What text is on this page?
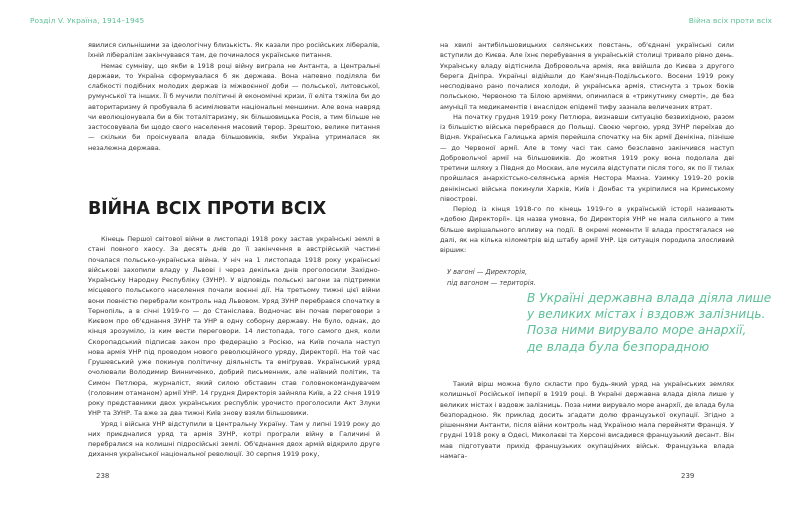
Розділ V. Україна, 1914–1945

явилися сильнішими за ідеологічну близькість. Як казали про російських лібералів, їхній лібералізм закінчувався там, де починалося українське питання.

Немає сумніву, що якби в 1918 році війну виграла не Антанта, а Центральні держави, то Україна сформувалася б як держава. Вона напевно поділяла би слабкості подібних молодих держав із міжвоєнної доби — польської, литовської, румунської та інших. Її б мучили політичні й економічні кризи, її еліта тяжіла би до авторитаризму й пробувала б асимілювати національні меншини. Але вона навряд чи еволюціонувала би в бік тоталітаризму, як більшовицька Росія, а тим більше не застосовувала би щодо свого населення масовий терор. Зрештою, велике питання — скільки би проіснувала влада більшовиків, якби Україна утрималася як незалежна держава.

ВІЙНА ВСІХ ПРОТИ ВСІХ

Кінець Першої світової війни в листопаді 1918 року застав українські землі в стані повного хаосу. За десять днів до її закінчення в австрійській частині почалася польсько-українська війна. У ніч на 1 листопада 1918 року українські військові захопили владу у Львові і через декілька днів проголосили Західно-Українську Народну Республіку (ЗУНР). У відповідь польські загони за підтримки місцевого польського населення почали воєнні дії. На третьому тижні цієї війни вони повністю перебрали контроль над Львовом. Уряд ЗУНР перебрався спочатку в Тернопіль, а в січні 1919-го — до Станіслава. Водночас він почав переговори з Києвом про об'єднання ЗУНР та УНР в одну соборну державу. Не було, однак, до кінця зрозуміло, із ким вести переговори. 14 листопада, того самого дня, коли Скоропадський підписав закон про федерацію з Росією, на Київ почала наступ нова армія УНР під проводом нового революційного уряду, Директорії. На той час Грушевський уже покинув політичну діяльність та еміґрував. Український уряд очолювали Володимир Винниченко, добрий письменник, але наївний політик, та Симон Петлюра, журналіст, який силою обставин став головнокомандувачем (головним отаманом) армії УНР. 14 грудня Директорія зайняла Київ, а 22 січня 1919 року представники двох українських республік урочисто проголосили Акт Злуки УНР та ЗУНР. Та вже за два тижні Київ знову взяли більшовики.

Уряд і війська УНР відступили в Центральну Україну. Там у липні 1919 року до них приєдналися уряд та армія ЗУНР, котрі програли війну в Галичині й перебралися на колишні підросійські землі. Об'єднання двох армій відкрило друге дихання української національної революції. 30 серпня 1919 року,

238
Війна всіх проти всіх
239

на хвилі антибільшовицьких селянських повстань, об'єднані українські сили вступили до Києва. Але їхнє перебування в українській столиці тривало рівно день. Українську владу відтіснила Добровольча армія, яка ввійшла до Києва з другого берега Дніпра. Українці відійшли до Кам'янця-Подільського. Восени 1919 року несподівано рано почалися холоди, й українська армія, стиснута з трьох боків польською, Червоною та Білою арміями, опинилася в «трикутнику смерті», де без амуніції та медикаментів і внаслідок епідемії тифу зазнала величезних втрат.

На початку грудня 1919 року Петлюра, визнавши ситуацію безвихідною, разом із більшістю війська перебрався до Польщі. Своєю чергою, уряд ЗУНР переїхав до Відня. Українська Галицька армія перейшла спочатку на бік армії Денікіна, пізніше — до Червоної армії. Але в тому часі так само безславно закінчився наступ Добровольчої армії на більшовиків. До жовтня 1919 року вона подолала дві третини шляху з Півдня до Москви, але мусила відступати після того, як по її тилах пройшлася анархістсько-селянська армія Нестора Махна. Узимку 1919–20 років денікінські війська покинули Харків, Київ і Донбас та укріпилися на Кримському півострові.

Період із кінця 1918-го по кінець 1919-го в українській історії називають «добою Директорії». Ця назва умовна, бо Директорія УНР не мала сильного а тим більше вирішального впливу на події. В окремі моменти її влада простягалася не далі, як на кілька кілометрів від штабу армії УНР. Ця ситуація породила злосливий віршик:

У вагоні — Директорія,
під вагоном — територія.
В Україні державна влада діяла лише
у великих містах і вздовж залізниць.
Поза ними вирувало море анархії,
де влада була безпорадною

Такий вірш можна було скласти про будь-який уряд на українських землях колишньої Російської імперії в 1919 році. В Україні державна влада діяла лише у великих містах і вздовж залізниць. Поза ними вирувало море анархії, де влада була безпорадною. Як приклад досить згадати долю французької окупації. Згідно з рішеннями Антанти, після війни контроль над Україною мала перейняти Франція. У грудні 1918 року в Одесі, Миколаєві та Херсоні висадився французький десант. Він мав підготувати прихід французьких окупаційних військ. Французька влада намага-
